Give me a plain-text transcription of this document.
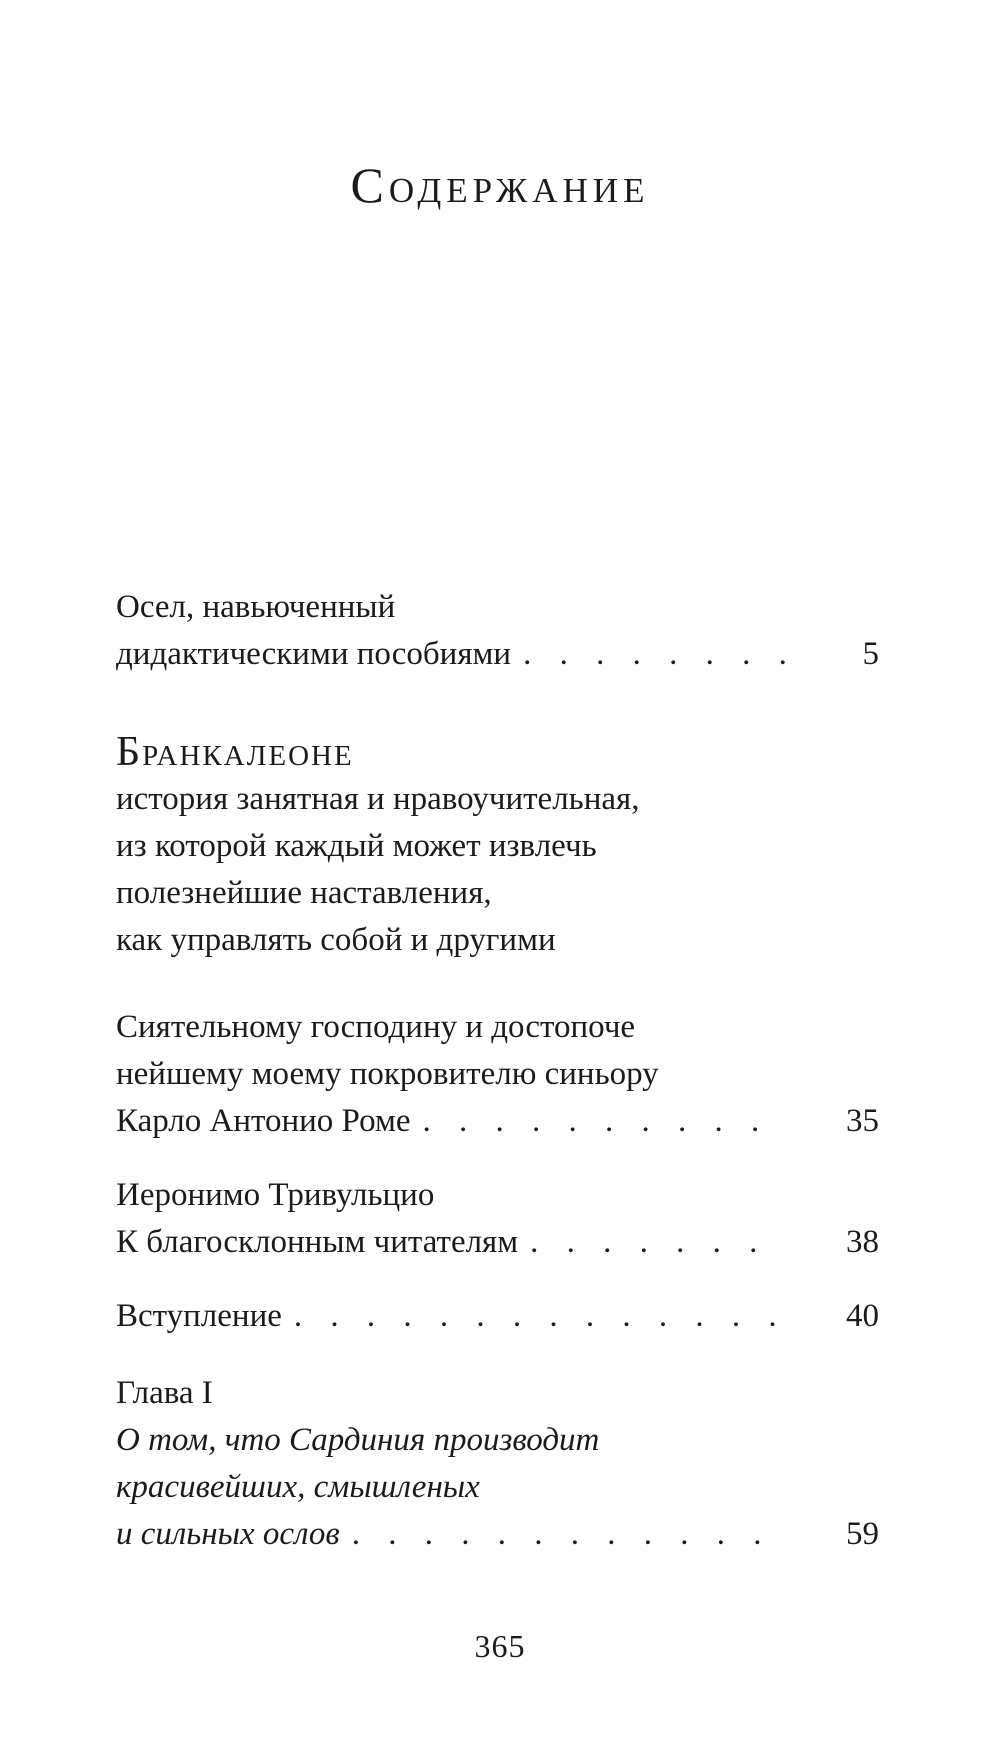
Содержание
Осел, навьюченный
дидактическими пособиями . . .	5
Бранкалеоне
история занятная и нравоучительная,
из которой каждый может извлечь
полезнейшие наставления,
как управлять собой и другими
Сиятельному господину и достопоче
нейшему моему покровителю синьору
Карло Антонио Роме . . .	35
Иеронимо Тривульцио
К благосклонным читателям . . .	38
Вступление . . .	40
Глава I
О том, что Сардиния производит
красивейших, смышленых
и сильных ослов . . .	59
365
